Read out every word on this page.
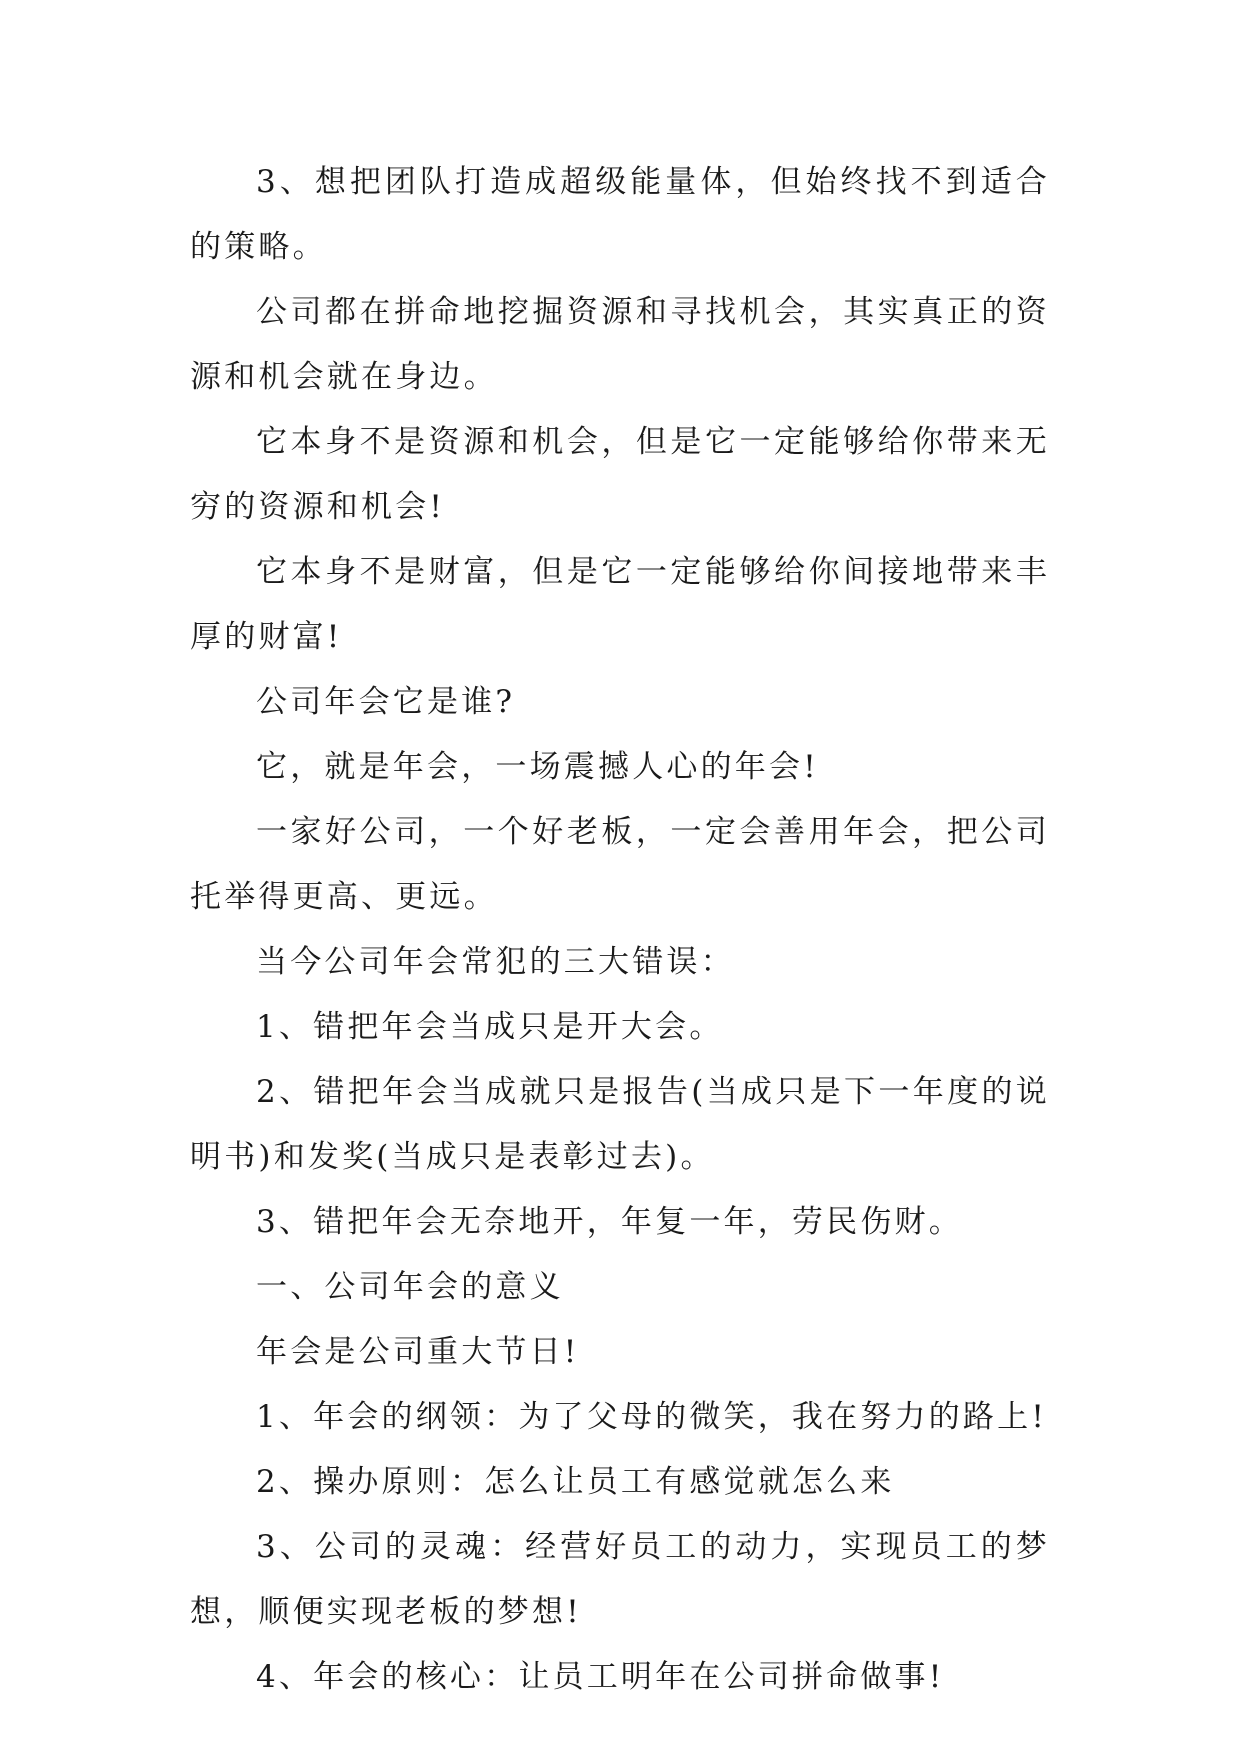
3、想把团队打造成超级能量体，但始终找不到适合的策略。

公司都在拼命地挖掘资源和寻找机会，其实真正的资源和机会就在身边。

它本身不是资源和机会，但是它一定能够给你带来无穷的资源和机会!

它本身不是财富，但是它一定能够给你间接地带来丰厚的财富!

公司年会它是谁?

它，就是年会，一场震撼人心的年会!

一家好公司，一个好老板，一定会善用年会，把公司托举得更高、更远。

当今公司年会常犯的三大错误：

1、错把年会当成只是开大会。

2、错把年会当成就只是报告(当成只是下一年度的说明书)和发奖(当成只是表彰过去)。

3、错把年会无奈地开，年复一年，劳民伤财。

一、公司年会的意义

年会是公司重大节日!

1、年会的纲领：为了父母的微笑，我在努力的路上!

2、操办原则：怎么让员工有感觉就怎么来

3、公司的灵魂：经营好员工的动力，实现员工的梦想，顺便实现老板的梦想!

4、年会的核心：让员工明年在公司拼命做事!
